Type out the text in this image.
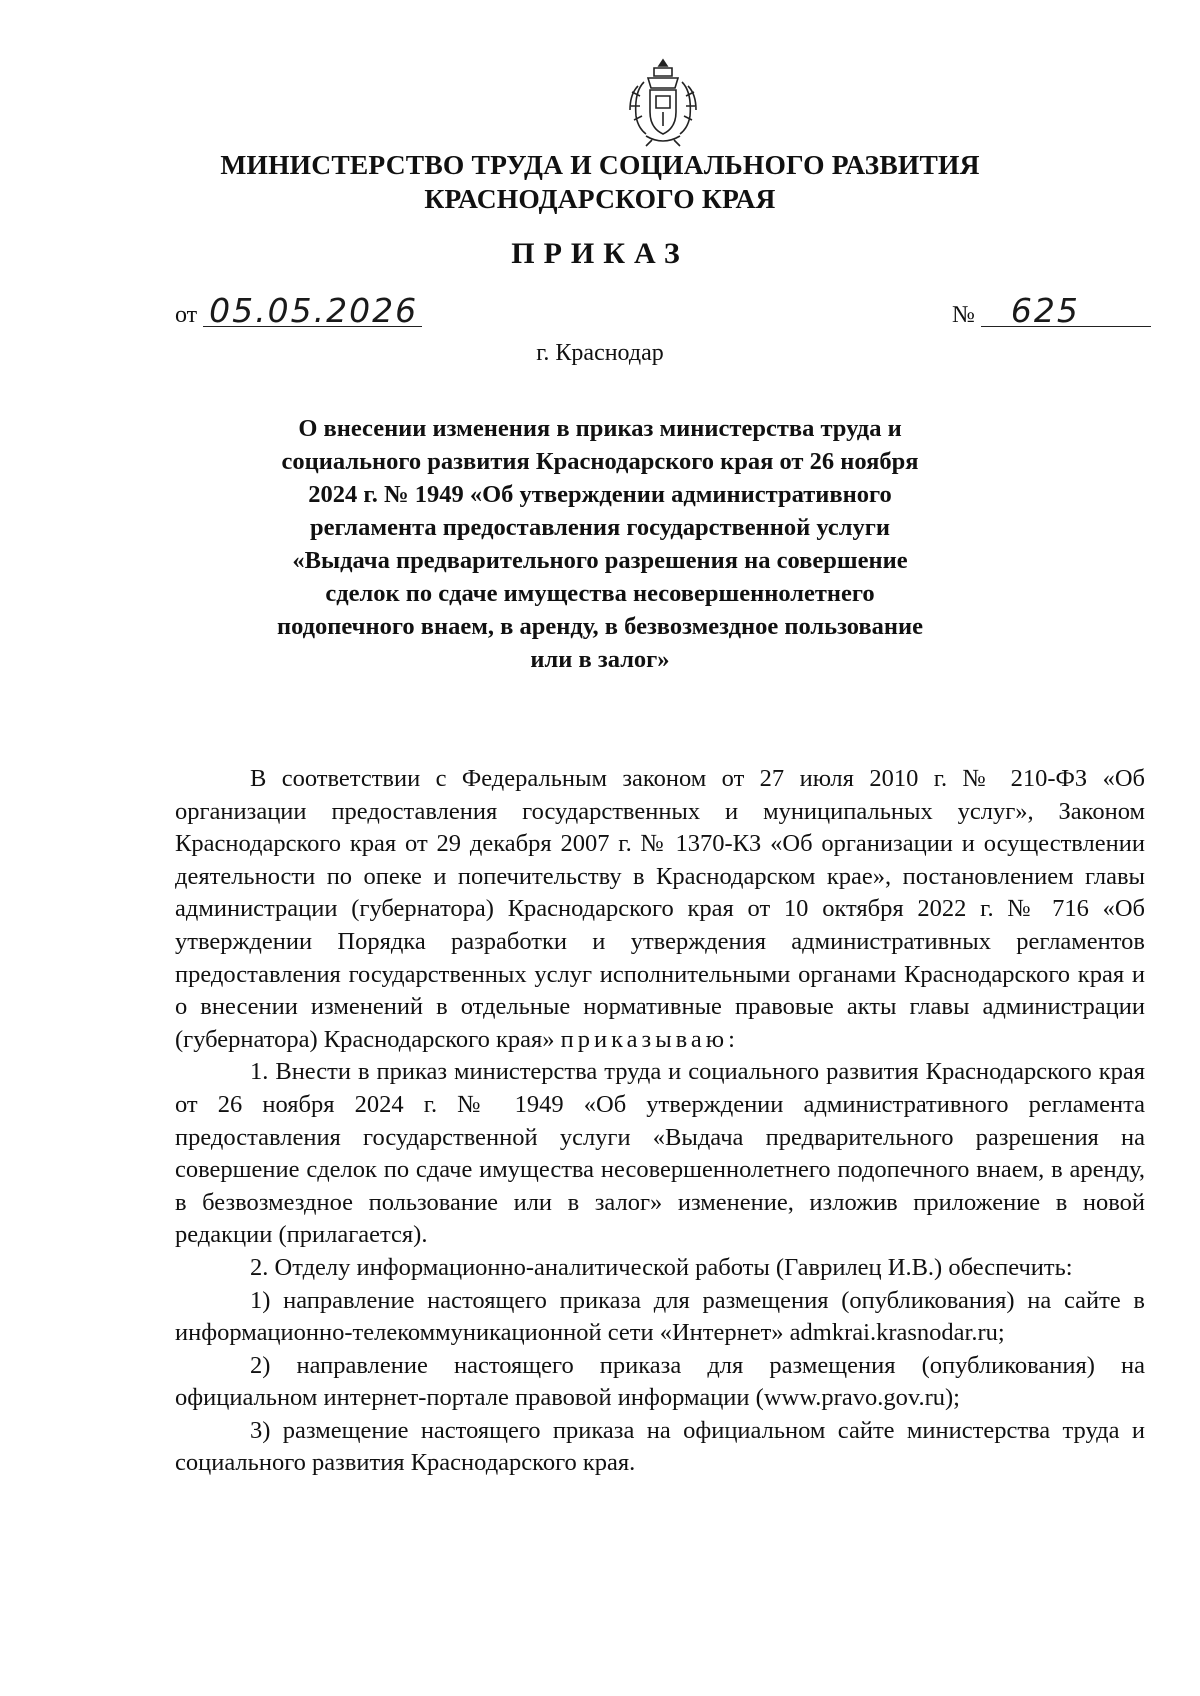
МИНИСТЕРСТВО ТРУДА И СОЦИАЛЬНОГО РАЗВИТИЯ
КРАСНОДАРСКОГО КРАЯ
ПРИКАЗ
от 05.05.2026	№ 625
г. Краснодар
О внесении изменения в приказ министерства труда и социального развития Краснодарского края от 26 ноября 2024 г. № 1949 «Об утверждении административного регламента предоставления государственной услуги «Выдача предварительного разрешения на совершение сделок по сдаче имущества несовершеннолетнего подопечного внаем, в аренду, в безвозмездное пользование или в залог»

В соответствии с Федеральным законом от 27 июля 2010 г. № 210-ФЗ «Об организации предоставления государственных и муниципальных услуг», Законом Краснодарского края от 29 декабря 2007 г. № 1370-КЗ «Об организации и осуществлении деятельности по опеке и попечительству в Краснодарском крае», постановлением главы администрации (губернатора) Краснодарского края от 10 октября 2022 г. № 716 «Об утверждении Порядка разработки и утверждения административных регламентов предоставления государственных услуг исполнительными органами Краснодарского края и о внесении изменений в отдельные нормативные правовые акты главы администрации (губернатора) Краснодарского края» приказываю:

1. Внести в приказ министерства труда и социального развития Краснодарского края от 26 ноября 2024 г. № 1949 «Об утверждении административного регламента предоставления государственной услуги «Выдача предварительного разрешения на совершение сделок по сдаче имущества несовершеннолетнего подопечного внаем, в аренду, в безвозмездное пользование или в залог» изменение, изложив приложение в новой редакции (прилагается).

2. Отделу информационно-аналитической работы (Гаврилец И.В.) обеспечить:

1) направление настоящего приказа для размещения (опубликования) на сайте в информационно-телекоммуникационной сети «Интернет» admkrai.krasnodar.ru;

2) направление настоящего приказа для размещения (опубликования) на официальном интернет-портале правовой информации (www.pravo.gov.ru);

3) размещение настоящего приказа на официальном сайте министерства труда и социального развития Краснодарского края.
